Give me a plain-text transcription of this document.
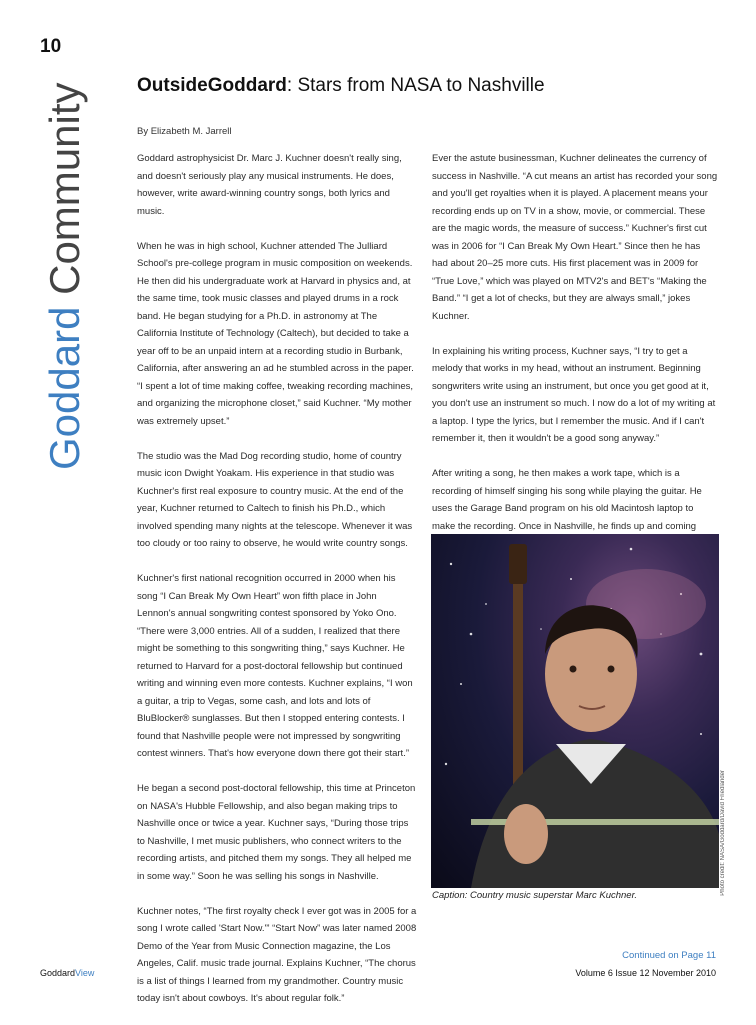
10
Goddard Community	OutsideGoddard: Stars from NASA to Nashville
By Elizabeth M. Jarrell

Goddard astrophysicist Dr. Marc J. Kuchner doesn't really sing, and doesn't seriously play any musical instruments. He does, however, write award-winning country songs, both lyrics and music.

When he was in high school, Kuchner attended The Julliard School's pre-college program in music composition on weekends. He then did his undergraduate work at Harvard in physics and, at the same time, took music classes and played drums in a rock band. He began studying for a Ph.D. in astronomy at The California Institute of Technology (Caltech), but decided to take a year off to be an unpaid intern at a recording studio in Burbank, California, after answering an ad he stumbled across in the paper. “I spent a lot of time making coffee, tweaking recording machines, and organizing the microphone closet,” said Kuchner. “My mother was extremely upset.”

The studio was the Mad Dog recording studio, home of country music icon Dwight Yoakam. His experience in that studio was Kuchner's first real exposure to country music. At the end of the year, Kuchner returned to Caltech to finish his Ph.D., which involved spending many nights at the telescope. Whenever it was too cloudy or too rainy to observe, he would write country songs.

Kuchner's first national recognition occurred in 2000 when his song “I Can Break My Own Heart” won fifth place in John Lennon's annual songwriting contest sponsored by Yoko Ono. “There were 3,000 entries. All of a sudden, I realized that there might be something to this songwriting thing,” says Kuchner. He returned to Harvard for a post-doctoral fellowship but continued writing and winning even more contests. Kuchner explains, “I won a guitar, a trip to Vegas, some cash, and lots and lots of BluBlocker® sunglasses. But then I stopped entering contests. I found that Nashville people were not impressed by songwriting contest winners. That's how everyone down there got their start.”

He began a second post-doctoral fellowship, this time at Princeton on NASA's Hubble Fellowship, and also began making trips to Nashville once or twice a year. Kuchner says, “During those trips to Nashville, I met music publishers, who connect writers to the recording artists, and pitched them my songs. They all helped me in some way.” Soon he was selling his songs in Nashville.

Kuchner notes, “The first royalty check I ever got was in 2005 for a song I wrote called 'Start Now.'” “Start Now” was later named 2008 Demo of the Year from Music Connection magazine, the Los Angeles, Calif. music trade journal. Explains Kuchner, “The chorus is a list of things I learned from my grandmother. Country music today isn't about cowboys. It's about regular folk.”

Ever the astute businessman, Kuchner delineates the currency of success in Nashville. “A cut means an artist has recorded your song and you'll get royalties when it is played. A placement means your recording ends up on TV in a show, movie, or commercial. These are the magic words, the measure of success.” Kuchner's first cut was in 2006 for “I Can Break My Own Heart.” Since then he has had about 20–25 more cuts. His first placement was in 2009 for “True Love,” which was played on MTV2's and BET's “Making the Band.” “I get a lot of checks, but they are always small,” jokes Kuchner.

In explaining his writing process, Kuchner says, “I try to get a melody that works in my head, without an instrument. Beginning songwriters write using an instrument, but once you get good at it, you don't use an instrument so much. I now do a lot of my writing at a laptop. I type the lyrics, but I remember the music. And if I can't remember it, then it wouldn't be a good song anyway.”

After writing a song, he then makes a work tape, which is a recording of himself singing his song while playing the guitar. He uses the Garage Band program on his old Macintosh laptop to make the recording. Once in Nashville, he finds up and coming

Photo credit: NASA/Goddard/David Friedlander
Caption: Country music superstar Marc Kuchner.
Continued on Page 11
GoddardView	Volume 6 Issue 12 November 2010
